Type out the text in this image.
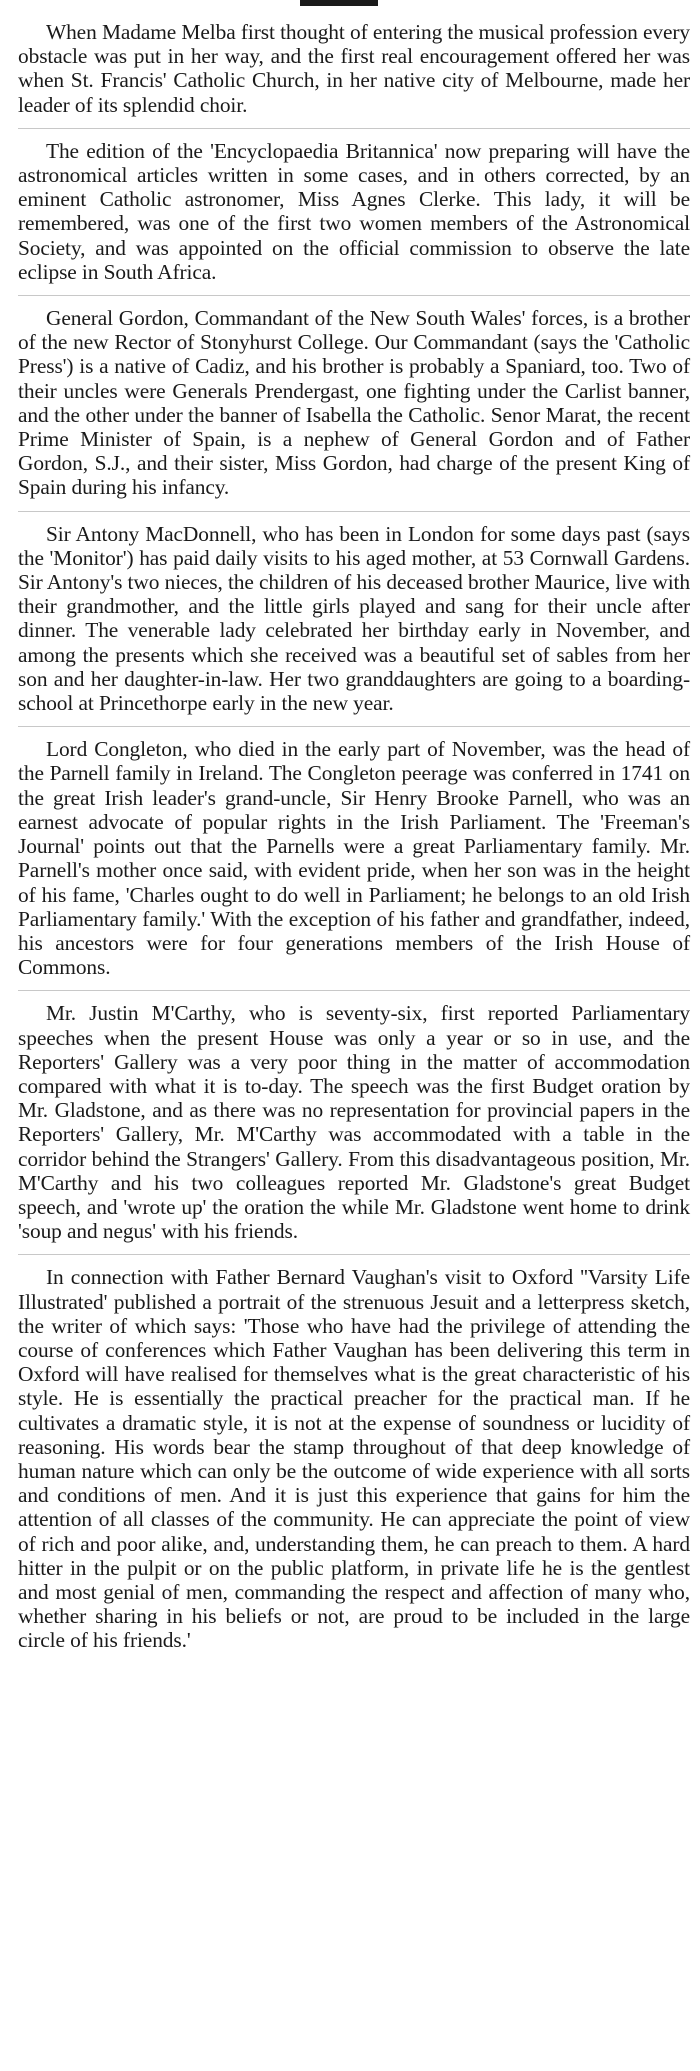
When Madame Melba first thought of entering the musical profession every obstacle was put in her way, and the first real encouragement offered her was when St. Francis' Catholic Church, in her native city of Melbourne, made her leader of its splendid choir.

The edition of the 'Encyclopaedia Britannica' now preparing will have the astronomical articles written in some cases, and in others corrected, by an eminent Catholic astronomer, Miss Agnes Clerke. This lady, it will be remembered, was one of the first two women members of the Astronomical Society, and was appointed on the official commission to observe the late eclipse in South Africa.

General Gordon, Commandant of the New South Wales' forces, is a brother of the new Rector of Stonyhurst College. Our Commandant (says the 'Catholic Press') is a native of Cadiz, and his brother is probably a Spaniard, too. Two of their uncles were Generals Prendergast, one fighting under the Carlist banner, and the other under the banner of Isabella the Catholic. Senor Marat, the recent Prime Minister of Spain, is a nephew of General Gordon and of Father Gordon, S.J., and their sister, Miss Gordon, had charge of the present King of Spain during his infancy.

Sir Antony MacDonnell, who has been in London for some days past (says the 'Monitor') has paid daily visits to his aged mother, at 53 Cornwall Gardens. Sir Antony's two nieces, the children of his deceased brother Maurice, live with their grandmother, and the little girls played and sang for their uncle after dinner. The venerable lady celebrated her birthday early in November, and among the presents which she received was a beautiful set of sables from her son and her daughter-in-law. Her two granddaughters are going to a boarding-school at Princethorpe early in the new year.

Lord Congleton, who died in the early part of November, was the head of the Parnell family in Ireland. The Congleton peerage was conferred in 1741 on the great Irish leader's grand-uncle, Sir Henry Brooke Parnell, who was an earnest advocate of popular rights in the Irish Parliament. The 'Freeman's Journal' points out that the Parnells were a great Parliamentary family. Mr. Parnell's mother once said, with evident pride, when her son was in the height of his fame, 'Charles ought to do well in Parliament; he belongs to an old Irish Parliamentary family.' With the exception of his father and grandfather, indeed, his ancestors were for four generations members of the Irish House of Commons.

Mr. Justin M'Carthy, who is seventy-six, first reported Parliamentary speeches when the present House was only a year or so in use, and the Reporters' Gallery was a very poor thing in the matter of accommodation compared with what it is to-day. The speech was the first Budget oration by Mr. Gladstone, and as there was no representation for provincial papers in the Reporters' Gallery, Mr. M'Carthy was accommodated with a table in the corridor behind the Strangers' Gallery. From this disadvantageous position, Mr. M'Carthy and his two colleagues reported Mr. Gladstone's great Budget speech, and 'wrote up' the oration the while Mr. Gladstone went home to drink 'soup and negus' with his friends.

In connection with Father Bernard Vaughan's visit to Oxford ''Varsity Life Illustrated' published a portrait of the strenuous Jesuit and a letterpress sketch, the writer of which says: 'Those who have had the privilege of attending the course of conferences which Father Vaughan has been delivering this term in Oxford will have realised for themselves what is the great characteristic of his style. He is essentially the practical preacher for the practical man. If he cultivates a dramatic style, it is not at the expense of soundness or lucidity of reasoning. His words bear the stamp throughout of that deep knowledge of human nature which can only be the outcome of wide experience with all sorts and conditions of men. And it is just this experience that gains for him the attention of all classes of the community. He can appreciate the point of view of rich and poor alike, and, understanding them, he can preach to them. A hard hitter in the pulpit or on the public platform, in private life he is the gentlest and most genial of men, commanding the respect and affection of many who, whether sharing in his beliefs or not, are proud to be included in the large circle of his friends.'
